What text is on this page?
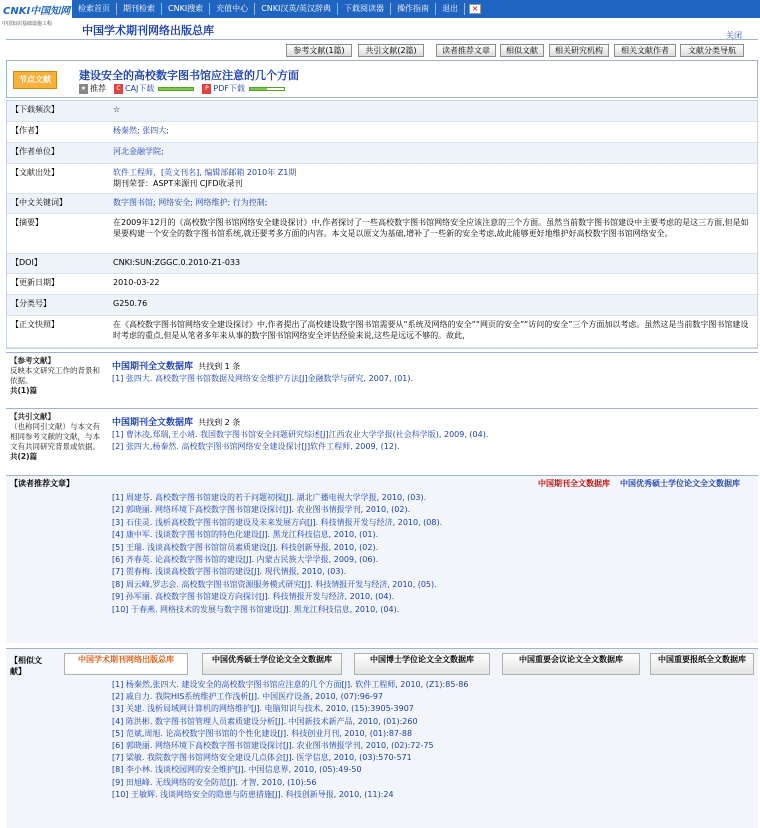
CNKI中国知网 检索首页	期刊检索	CNKI搜索	充值中心	CNKI汉英/英汉辞典	下载阅读器	操作指南	退出	×
中国知识基础设施工程	中国学术期刊网络出版总库	关闭
参考文献(1篇)	共引文献(2篇)	读者推荐文章	相似文献	相关研究机构	相关文献作者	文献分类导航
节点文献	建设安全的高校数字图书馆应注意的几个方面
★ 推荐	C CAJ下载	P PDF下载
【下载频次】	☆
【作者】	杨秦然; 张四大;
【作者单位】	河北金融学院;
【文献出处】	软件工程师，[英文刊名], 编辑部邮箱 2010年 Z1期
期刊荣誉：ASPT来源刊 CJFD收录刊
【中文关键词】	数字图书馆; 网络安全; 网络维护; 行为控制;
【摘要】	在2009年12月的《高校数字图书馆网络安全建设探讨》中,作者探讨了一些高校数字图书馆网络安全应该注意的三个方面。虽然当前数字图书馆建设中主要考虑的是这三方面,但是如果要构建一个安全的数字图书馆系统,就还要考多方面的内容。本文是以原文为基础,增补了一些新的安全考虑,故此能够更好地维护好高校数字图书馆网络安全。
【DOI】	CNKI:SUN:ZGGC.0.2010-Z1-033
【更新日期】	2010-03-22
【分类号】	G250.76
【正文快照】	在《高校数字图书馆网络安全建设探讨》中,作者提出了高校建设数字图书馆需要从“系统及网络的安全”“网页的安全”“访问的安全”三个方面加以考虑。虽然这是当前数字图书馆建设时考虑的重点,但是从笔者多年来从事的数字图书馆网络安全评估经验来说,这些是远远不够的。故此,
【参考文献】
反映本文研究工作的背景和依据。
共(1)篇
中国期刊全文数据库 共找到 1 条
[1] 张四大. 高校数字图书馆数据及网络安全维护方法[J]金融数学与研究, 2007, (01).
【共引文献】
（也称同引文献）与本文有相同参考文献的文献，与本文有共同研究背景或依据。
共(2)篇
中国期刊全文数据库 共找到 2 条
[1] 曹沐凌,郑瑞,王小靖. 我国数字图书馆安全问题研究综述[J]江西农业大学学报(社会科学版), 2009, (04).
[2] 张四大,杨秦然. 高校数字图书馆网络安全建设探讨[J]软件工程师, 2009, (12).
【读者推荐文章】	中国期刊全文数据库 中国优秀硕士学位论文全文数据库
[1] 周建芬. 高校数字图书馆建设的若干问题初探[J]. 湖北广播电视大学学报, 2010, (03).
[2] 郭晓丽. 网络环境下高校数字图书馆建设探讨[J]. 农业图书情报学刊, 2010, (02).
[3] 石佳灵. 浅析高校数字图书馆的建设及未来发展方向[J]. 科技情报开发与经济, 2010, (08).
[4] 康中军. 浅谈数字图书馆的特色化建设[J]. 黑龙江科技信息, 2010, (01).
[5] 王瑞. 浅谈高校数字图书馆馆员素质建设[J]. 科技创新导报, 2010, (02).
[6] 齐春英. 论高校数字图书馆的建设[J]. 内蒙古民族大学学报, 2009, (06).
[7] 贺春梅. 浅谈高校数字图书馆的建设[J]. 现代情报, 2010, (03).
[8] 周云峰,罗志会. 高校数字图书馆资源服务模式研究[J]. 科技情报开发与经济, 2010, (05).
[9] 孙军丽. 高校数字图书馆建设方向探讨[J]. 科技情报开发与经济, 2010, (04).
[10] 于春燕. 网格技术的发展与数字图书馆建设[J]. 黑龙江科技信息, 2010, (04).
【相似文献】
中国学术期刊网络出版总库	中国优秀硕士学位论文全文数据库	中国博士学位论文全文数据库	中国重要会议论文全文数据库	中国重要报纸全文数据库
[1] 杨秦然,张四大. 建设安全的高校数字图书馆应注意的几个方面[J]. 软件工程师, 2010, (Z1):85-86
[2] 戚自力. 我院HIS系统维护工作浅析[J]. 中国医疗设备, 2010, (07):96-97
[3] 关建. 浅析局域网计算机的网络维护[J]. 电脑知识与技术, 2010, (15):3905-3907
[4] 陈洪彬. 数字图书馆管理人员素质建设分析[J]. 中国新技术新产品, 2010, (01):260
[5] 范斌,周旭. 论高校数字图书馆的个性化建设[J]. 科技创业月刊, 2010, (01):87-88
[6] 郭晓丽. 网络环境下高校数字图书馆建设探讨[J]. 农业图书情报学刊, 2010, (02):72-75
[7] 梁敏. 我院数字图书馆网络安全建设几点体会[J]. 医学信息, 2010, (03):570-571
[8] 李小林. 浅谈校园网的安全维护[J]. 中国信息界, 2010, (05):49-50
[9] 田旭峰. 无线网络的安全防范[J]. 才智, 2010, (10):56
[10] 王敏辉. 浅谈网络安全的隐患与防患措施[J]. 科技创新导报, 2010, (11):24
